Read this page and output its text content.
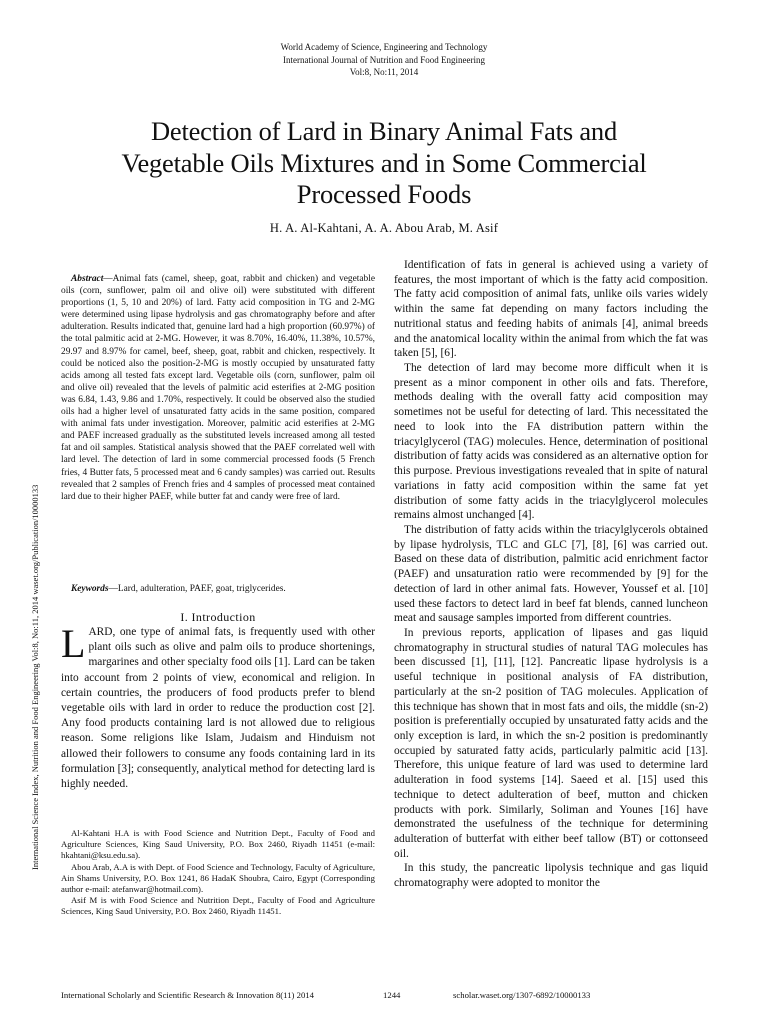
World Academy of Science, Engineering and Technology
International Journal of Nutrition and Food Engineering
Vol:8, No:11, 2014
Detection of Lard in Binary Animal Fats and
Vegetable Oils Mixtures and in Some Commercial
Processed Foods
H. A. Al-Kahtani, A. A. Abou Arab, M. Asif
International Science Index, Nutrition and Food Engineering Vol:8, No:11, 2014 waset.org/Publication/10000133

Abstract—Animal fats (camel, sheep, goat, rabbit and chicken) and vegetable oils (corn, sunflower, palm oil and olive oil) were substituted with different proportions (1, 5, 10 and 20%) of lard. Fatty acid composition in TG and 2-MG were determined using lipase hydrolysis and gas chromatography before and after adulteration. Results indicated that, genuine lard had a high proportion (60.97%) of the total palmitic acid at 2-MG. However, it was 8.70%, 16.40%, 11.38%, 10.57%, 29.97 and 8.97% for camel, beef, sheep, goat, rabbit and chicken, respectively. It could be noticed also the position-2-MG is mostly occupied by unsaturated fatty acids among all tested fats except lard. Vegetable oils (corn, sunflower, palm oil and olive oil) revealed that the levels of palmitic acid esterifies at 2-MG position was 6.84, 1.43, 9.86 and 1.70%, respectively. It could be observed also the studied oils had a higher level of unsaturated fatty acids in the same position, compared with animal fats under investigation. Moreover, palmitic acid esterifies at 2-MG and PAEF increased gradually as the substituted levels increased among all tested fat and oil samples. Statistical analysis showed that the PAEF correlated well with lard level. The detection of lard in some commercial processed foods (5 French fries, 4 Butter fats, 5 processed meat and 6 candy samples) was carried out. Results revealed that 2 samples of French fries and 4 samples of processed meat contained lard due to their higher PAEF, while butter fat and candy were free of lard.

Keywords—Lard, adulteration, PAEF, goat, triglycerides.
I. Introduction

LARD, one type of animal fats, is frequently used with other plant oils such as olive and palm oils to produce shortenings, margarines and other specialty food oils [1]. Lard can be taken into account from 2 points of view, economical and religion. In certain countries, the producers of food products prefer to blend vegetable oils with lard in order to reduce the production cost [2]. Any food products containing lard is not allowed due to religious reason. Some religions like Islam, Judaism and Hinduism not allowed their followers to consume any foods containing lard in its formulation [3]; consequently, analytical method for detecting lard is highly needed.

Al-Kahtani H.A is with Food Science and Nutrition Dept., Faculty of Food and Agriculture Sciences, King Saud University, P.O. Box 2460, Riyadh 11451 (e-mail: hkahtani@ksu.edu.sa).

Abou Arab, A.A is with Dept. of Food Science and Technology, Faculty of Agriculture, Ain Shams University, P.O. Box 1241, 86 HadaK Shoubra, Cairo, Egypt (Corresponding author e-mail: atefanwar@hotmail.com).

Asif M is with Food Science and Nutrition Dept., Faculty of Food and Agriculture Sciences, King Saud University, P.O. Box 2460, Riyadh 11451.

Identification of fats in general is achieved using a variety of features, the most important of which is the fatty acid composition. The fatty acid composition of animal fats, unlike oils varies widely within the same fat depending on many factors including the nutritional status and feeding habits of animals [4], animal breeds and the anatomical locality within the animal from which the fat was taken [5], [6].

The detection of lard may become more difficult when it is present as a minor component in other oils and fats. Therefore, methods dealing with the overall fatty acid composition may sometimes not be useful for detecting of lard. This necessitated the need to look into the FA distribution pattern within the triacylglycerol (TAG) molecules. Hence, determination of positional distribution of fatty acids was considered as an alternative option for this purpose. Previous investigations revealed that in spite of natural variations in fatty acid composition within the same fat yet distribution of some fatty acids in the triacylglycerol molecules remains almost unchanged [4].

The distribution of fatty acids within the triacylglycerols obtained by lipase hydrolysis, TLC and GLC [7], [8], [6] was carried out. Based on these data of distribution, palmitic acid enrichment factor (PAEF) and unsaturation ratio were recommended by [9] for the detection of lard in other animal fats. However, Youssef et al. [10] used these factors to detect lard in beef fat blends, canned luncheon meat and sausage samples imported from different countries.

In previous reports, application of lipases and gas liquid chromatography in structural studies of natural TAG molecules has been discussed [1], [11], [12]. Pancreatic lipase hydrolysis is a useful technique in positional analysis of FA distribution, particularly at the sn-2 position of TAG molecules. Application of this technique has shown that in most fats and oils, the middle (sn-2) position is preferentially occupied by unsaturated fatty acids and the only exception is lard, in which the sn-2 position is predominantly occupied by saturated fatty acids, particularly palmitic acid [13]. Therefore, this unique feature of lard was used to determine lard adulteration in food systems [14]. Saeed et al. [15] used this technique to detect adulteration of beef, mutton and chicken products with pork. Similarly, Soliman and Younes [16] have demonstrated the usefulness of the technique for determining adulteration of butterfat with either beef tallow (BT) or cottonseed oil.

In this study, the pancreatic lipolysis technique and gas liquid chromatography were adopted to monitor the

International Scholarly and Scientific Research & Innovation 8(11) 2014	1244	scholar.waset.org/1307-6892/10000133
